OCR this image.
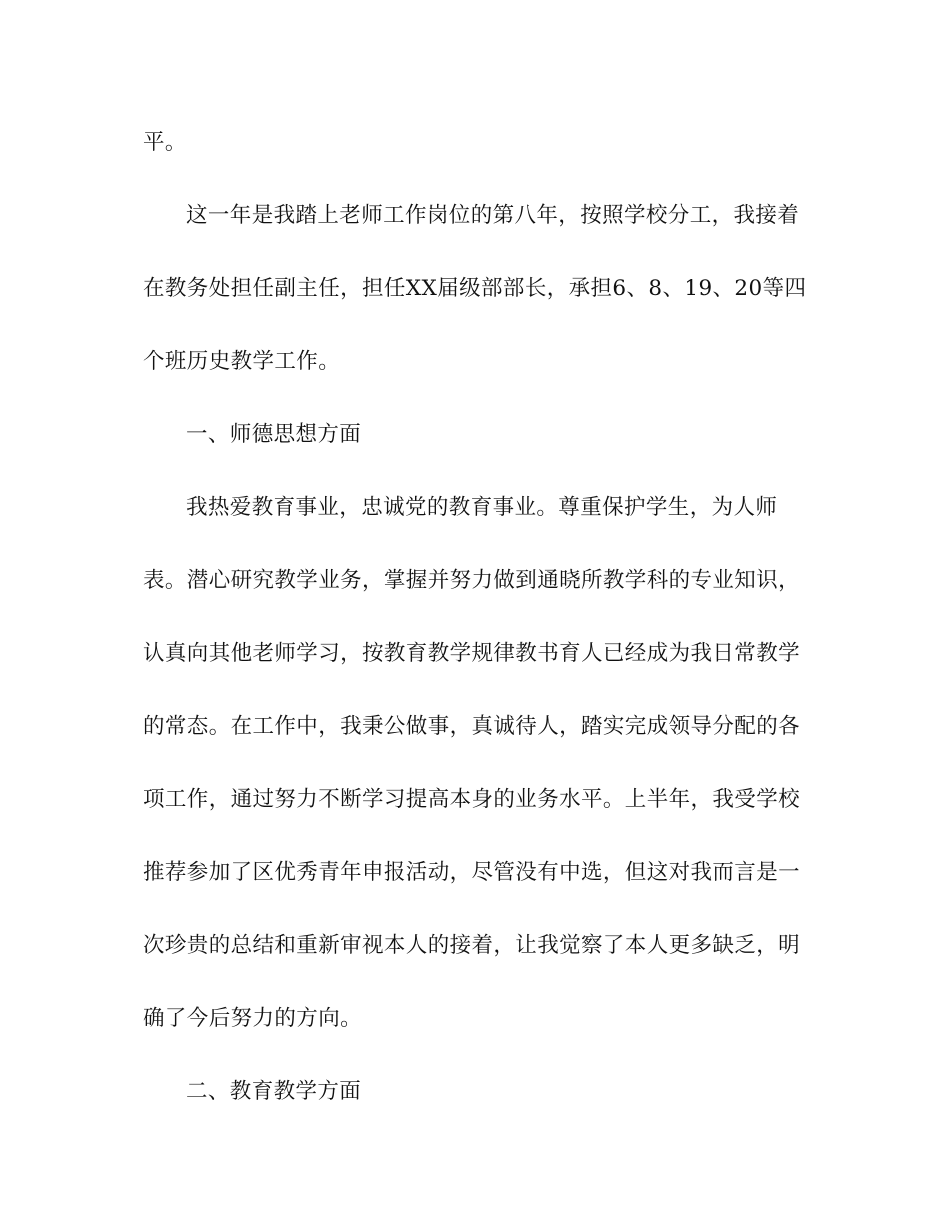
平。
这一年是我踏上老师工作岗位的第八年，按照学校分工，我接着
在教务处担任副主任，担任XX届级部部长，承担6、8、19、20等四
个班历史教学工作。
一、师德思想方面
我热爱教育事业，忠诚党的教育事业。尊重保护学生，为人师
表。潜心研究教学业务，掌握并努力做到通晓所教学科的专业知识，
认真向其他老师学习，按教育教学规律教书育人已经成为我日常教学
的常态。在工作中，我秉公做事，真诚待人，踏实完成领导分配的各
项工作，通过努力不断学习提高本身的业务水平。上半年，我受学校
推荐参加了区优秀青年申报活动，尽管没有中选，但这对我而言是一
次珍贵的总结和重新审视本人的接着，让我觉察了本人更多缺乏，明
确了今后努力的方向。
二、教育教学方面
